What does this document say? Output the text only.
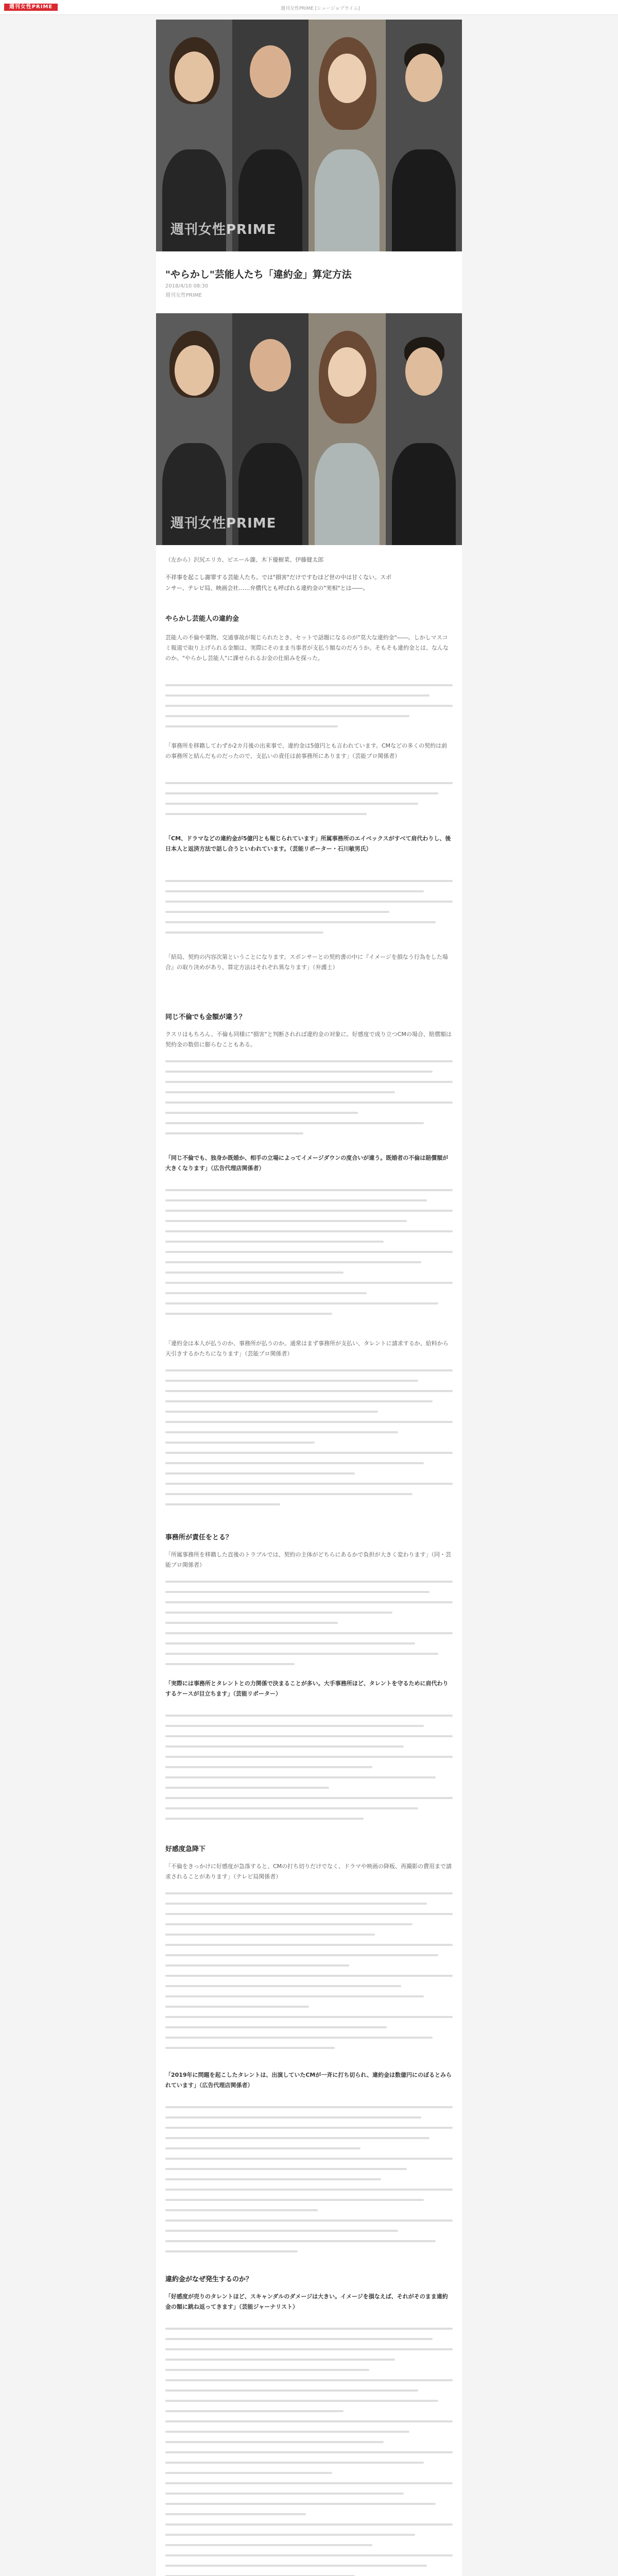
週刊女性PRIME	週刊女性PRIME [シュージョプライム]
週刊女性PRIME
"やらかし"芸能人たち「違約金」算定方法
2018/4/10 08:30
週刊女性PRIME
週刊女性PRIME
（左から）沢尻エリカ、ピエール瀧、木下優樹菜、伊藤健太郎

不祥事を起こし謝罪する芸能人たち。では"損害"だけですむほど世の中は甘くない。スポンサー、テレビ局、映画会社……弁償代とも呼ばれる違約金の"実相"とは――。

やらかし芸能人の違約金

芸能人の不倫や薬物、交通事故が報じられたとき、セットで話題になるのが"莫大な違約金"――。しかしマスコミ報道で取り上げられる金額は、実際にそのまま当事者が支払う額なのだろうか。そもそも違約金とは、なんなのか。"やらかし芸能人"に課せられるお金の仕組みを探った。

「事務所を移籍してわずか2カ月後の出来事で、違約金は5億円とも言われています。CMなどの多くの契約は前の事務所と結んだものだったので、支払いの責任は前事務所にあります」（芸能プロ関係者）

「CM、ドラマなどの違約金が5億円とも報じられています」所属事務所のエイベックスがすべて肩代わりし、後日本人と返済方法で話し合うといわれています。（芸能リポーター・石川敏男氏）

「結局、契約の内容次第ということになります。スポンサーとの契約書の中に『イメージを損なう行為をした場合』の取り決めがあり、算定方法はそれぞれ異なります」（弁護士）

同じ不倫でも金額が違う？

クスリはもちろん、不倫も同様に"損害"と判断されれば違約金の対象に。好感度で成り立つCMの場合、賠償額は契約金の数倍に膨らむこともある。

「同じ不倫でも、独身か既婚か、相手の立場によってイメージダウンの度合いが違う。既婚者の不倫は賠償額が大きくなります」（広告代理店関係者）

「違約金は本人が払うのか、事務所が払うのか。通常はまず事務所が支払い、タレントに請求するか、給料から天引きするかたちになります」（芸能プロ関係者）

事務所が責任をとる？

「所属事務所を移籍した直後のトラブルでは、契約の主体がどちらにあるかで負担が大きく変わります」（同・芸能プロ関係者）

「実際には事務所とタレントとの力関係で決まることが多い。大手事務所ほど、タレントを守るために肩代わりするケースが目立ちます」（芸能リポーター）

好感度急降下

「不倫をきっかけに好感度が急落すると、CMの打ち切りだけでなく、ドラマや映画の降板、再撮影の費用まで請求されることがあります」（テレビ局関係者）

「2019年に問題を起こしたタレントは、出演していたCMが一斉に打ち切られ、違約金は数億円にのぼるとみられています」（広告代理店関係者）

違約金がなぜ発生するのか？

「好感度が売りのタレントほど、スキャンダルのダメージは大きい。イメージを損なえば、それがそのまま違約金の額に跳ね返ってきます」（芸能ジャーナリスト）
